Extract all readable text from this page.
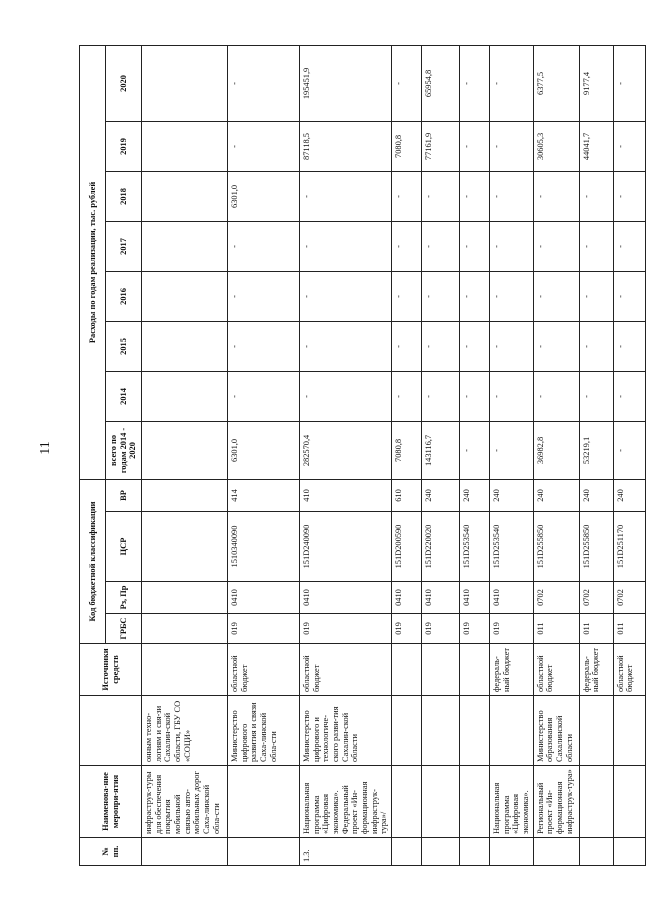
11
№ пп.	Наименова-ние меропри-ятия		Источники средств	Код бюджетной классификации				Расходы по годам реализации, тыс. рублей							
				ГРБС	Рз, Пр	ЦСР	ВР	всего по годам 2014 - 2020	2014	2015	2016	2017	2018	2019	2020
	инфраструк-туры для обеспечения покрытия мобильной связью авто-мобильных дорог Саха-линской обла-сти	онным техно-логиям и свя-зи Сахалин-ской области, ГБУ СО «СОЦИ»													
		Министерство цифрового развития и связи Саха-линской обла-сти	областной бюджет	019	0410	1510340090	414	6301,0	-	-	-	-	6301,0	-	-
1.3.	Национальная программа «Цифровая экономика». Федеральный проект «Ин-формационная инфраструк-тура»/	Министерство цифрового и технологиче-ского разви-тия Сахалин-ской области	областной бюджет	019	0410	151D240090	410	282570,4	-	-	-	-	-	87118,5	195451,9
				019	0410	151D200590	610	7080,8	-	-	-	-	-	7080,8	-
				019	0410	151D220020	240	143116,7	-	-	-	-	-	77161,9	65954,8
				019	0410	151D253540	240	-	-	-	-	-	-	-	-
	Национальная программа «Цифровая экономика».		федераль-ный бюджет	019	0410	151D253540	240	-	-	-	-	-	-	-	-
	Региональный проект «Ин-формационная инфраструк-тура»	Министерство образования Сахалинской области	областной бюджет	011	0702	151D255850	240	36982,8	-	-	-	-	-	30605,3	6377,5
			федераль-ный бюджет	011	0702	151D255850	240	53219,1	-	-	-	-	-	44041,7	9177,4
			областной бюджет	011	0702	151D251170	240	-	-	-	-	-	-	-	-
